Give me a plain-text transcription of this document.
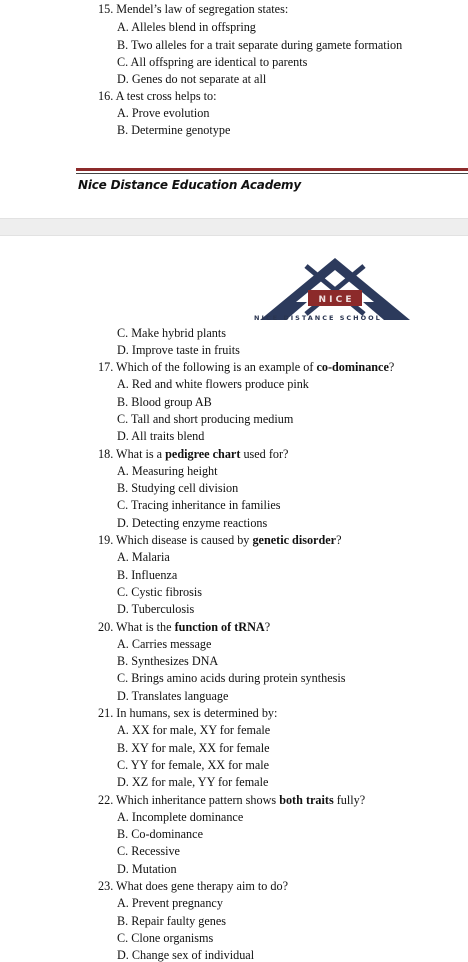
15. Mendel’s law of segregation states:
A. Alleles blend in offspring
B. Two alleles for a trait separate during gamete formation
C. All offspring are identical to parents
D. Genes do not separate at all
16. A test cross helps to:
A. Prove evolution
B. Determine genotype
Nice Distance Education Academy
N I C E
NICE DISTANCE SCHOOL
C. Make hybrid plants
D. Improve taste in fruits
17. Which of the following is an example of co-dominance?
A. Red and white flowers produce pink
B. Blood group AB
C. Tall and short producing medium
D. All traits blend
18. What is a pedigree chart used for?
A. Measuring height
B. Studying cell division
C. Tracing inheritance in families
D. Detecting enzyme reactions
19. Which disease is caused by genetic disorder?
A. Malaria
B. Influenza
C. Cystic fibrosis
D. Tuberculosis
20. What is the function of tRNA?
A. Carries message
B. Synthesizes DNA
C. Brings amino acids during protein synthesis
D. Translates language
21. In humans, sex is determined by:
A. XX for male, XY for female
B. XY for male, XX for female
C. YY for female, XX for male
D. XZ for male, YY for female
22. Which inheritance pattern shows both traits fully?
A. Incomplete dominance
B. Co-dominance
C. Recessive
D. Mutation
23. What does gene therapy aim to do?
A. Prevent pregnancy
B. Repair faulty genes
C. Clone organisms
D. Change sex of individual
